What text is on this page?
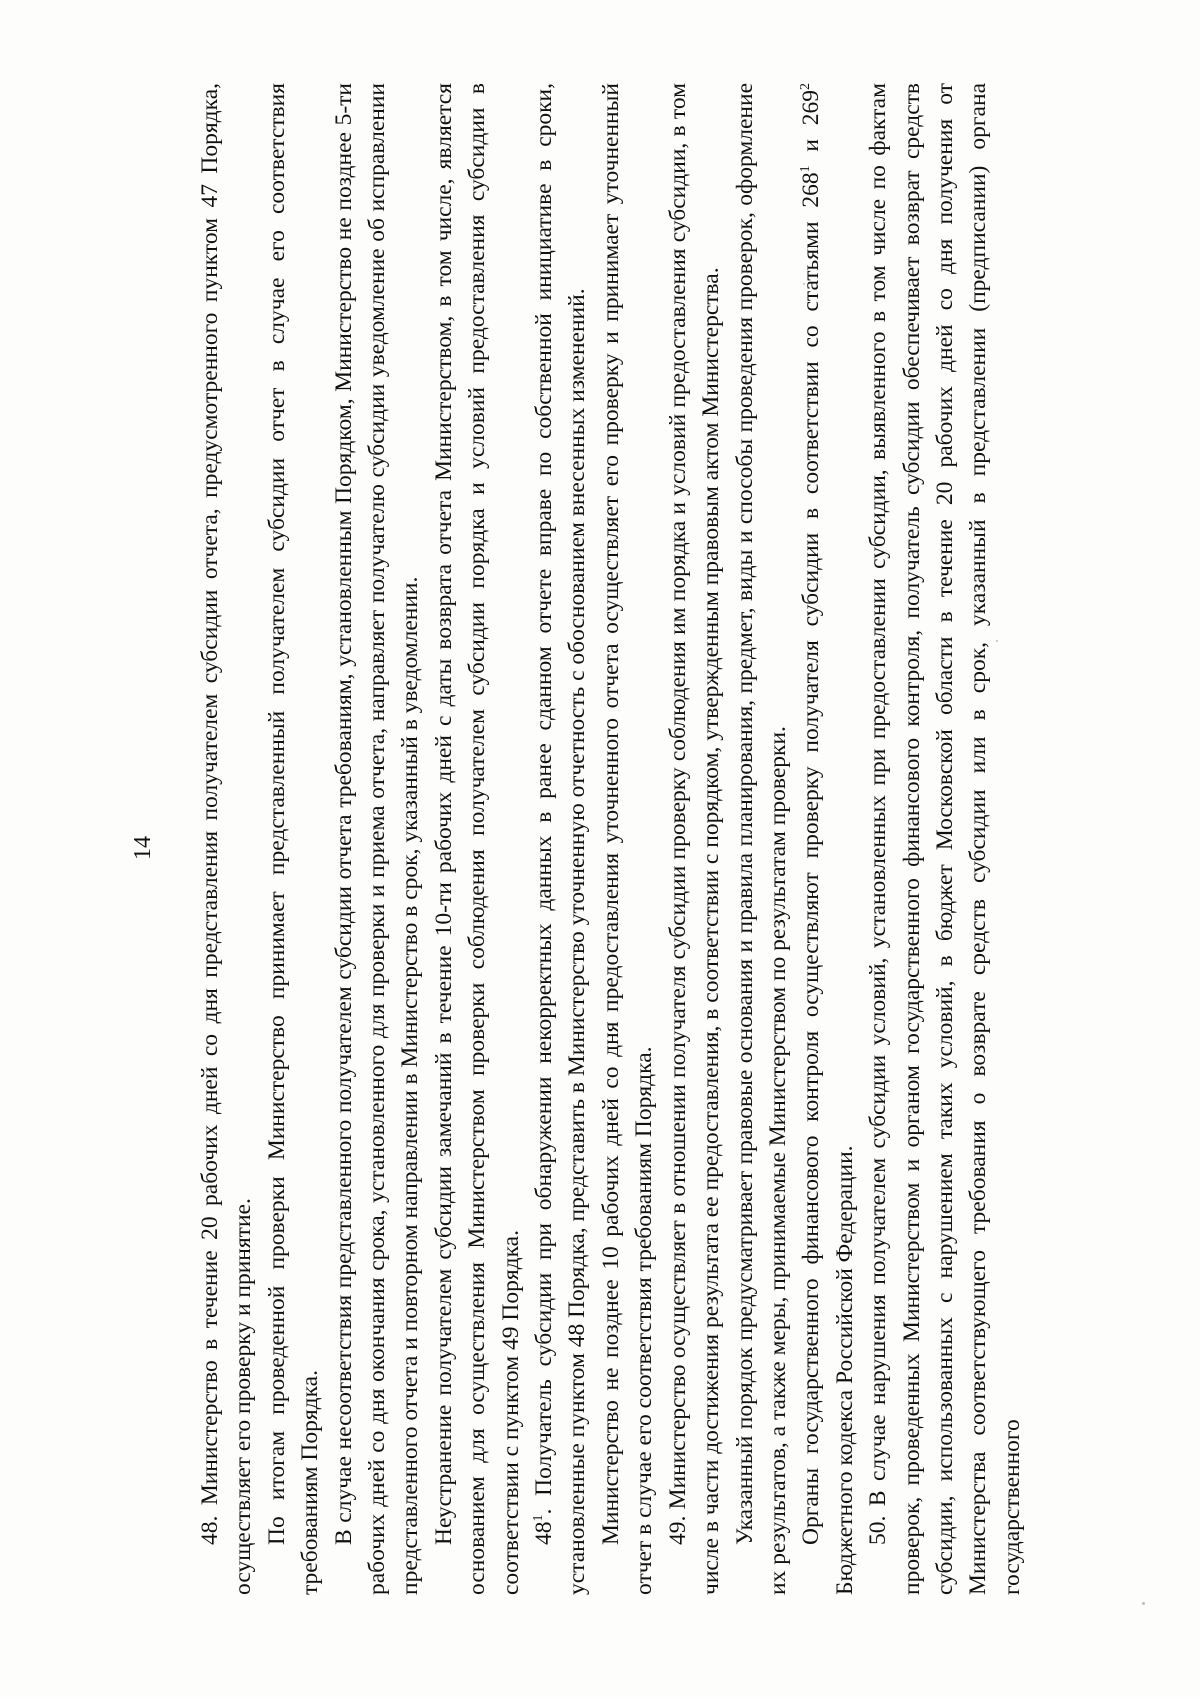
14 48. Министерство в течение 20 рабочих дней со дня представления получателем субсидии отчета, предусмотренного пунктом 47 Порядка, осуществляет его проверку и принятие. По итогам проведенной проверки Министерство принимает представленный получателем субсидии отчет в случае его соответствия требованиям Порядка. В случае несоответствия представленного получателем субсидии отчета требованиям, установленным Порядком, Министерство не позднее 5-ти рабочих дней со дня окончания срока, установленного для проверки и приема отчета, направляет получателю субсидии уведомление об исправлении представленного отчета и повторном направлении в Министерство в срок, указанный в уведомлении. Неустранение получателем субсидии замечаний в течение 10-ти рабочих дней с даты возврата отчета Министерством, в том числе, является основанием для осуществления Министерством проверки соблюдения получателем субсидии порядка и условий предоставления субсидии в соответствии с пунктом 49 Порядка. $48^1$. Получатель субсидии при обнаружении некорректных данных в ранее сданном отчете вправе по собственной инициативе в сроки, установленные пунктом 48 Порядка, представить в Министерство уточненную отчетность с обоснованием внесенных изменений. Министерство не позднее 10 рабочих дней со дня предоставления уточненного отчета осуществляет его проверку и принимает уточненный отчет в случае его соответствия требованиям Порядка. 49. Министерство осуществляет в отношении получателя субсидии проверку соблюдения им порядка и условий предоставления субсидии, в том числе в части достижения результата ее предоставления, в соответствии с порядком, утвержденным правовым актом Министерства. Указанный порядок предусматривает правовые основания и правила планирования, предмет, виды и способы проведения проверок, оформление их результатов, а также меры, принимаемые Министерством по результатам проверки. Органы государственного финансового контроля осуществляют проверку получателя субсидии в соответствии со статьями $268^1$ и $269^2$ Бюджетного кодекса Российской Федерации. 50. В случае нарушения получателем субсидии условий, установленных при предоставлении субсидии, выявленного в том числе по фактам проверок, проведенных Министерством и органом государственного финансового контроля, получатель субсидии обеспечивает возврат средств субсидии, использованных с нарушением таких условий, в бюджет Московской области в течение 20 рабочих дней со дня получения от Министерства соответствующего требования о возврате средств субсидии или в срок, указанный в представлении (предписании) органа государственного
